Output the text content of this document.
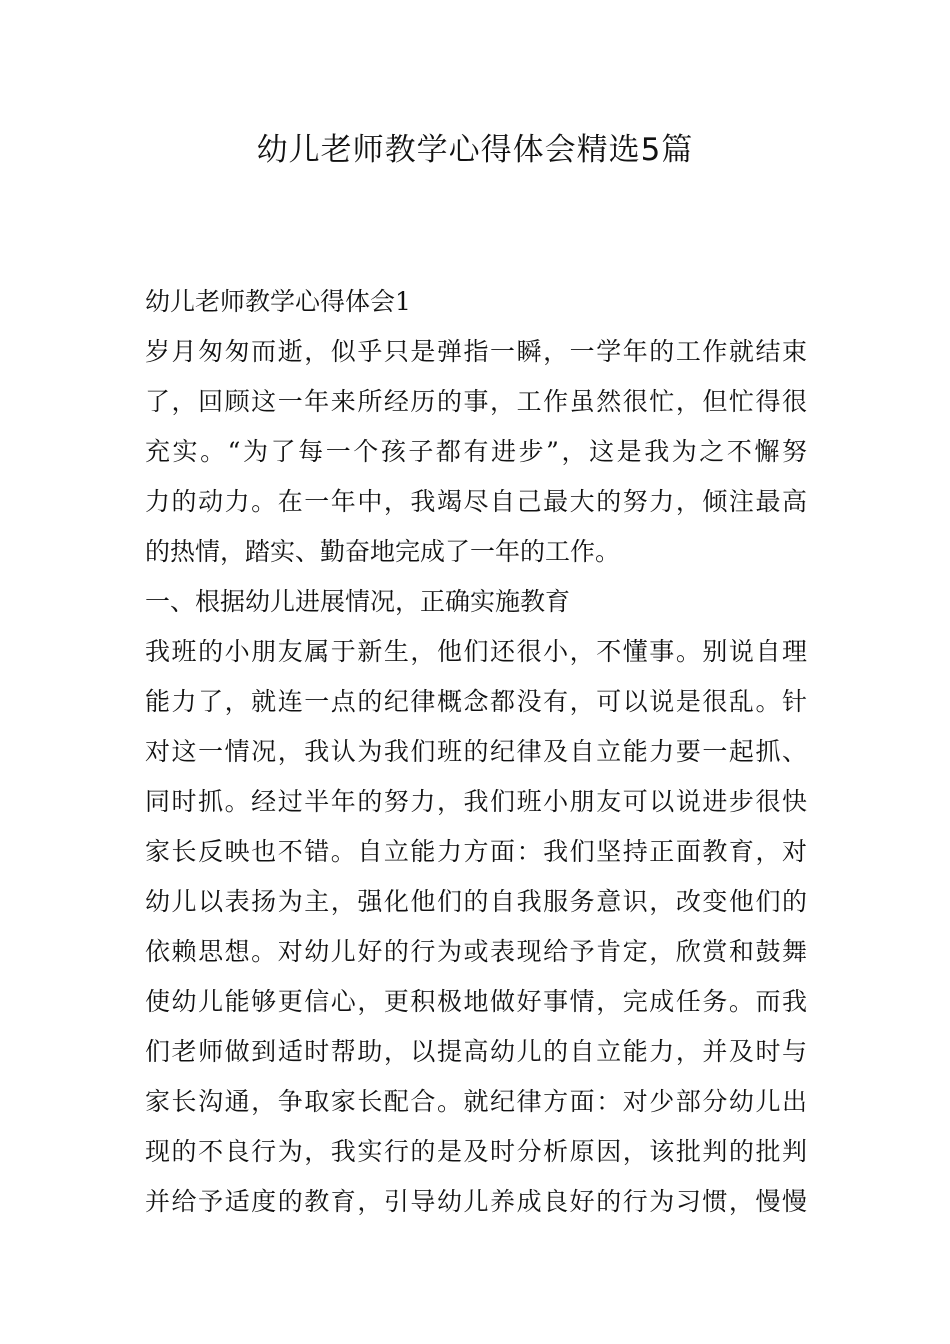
幼儿老师教学心得体会精选5篇
幼儿老师教学心得体会1
岁月匆匆而逝，似乎只是弹指一瞬，一学年的工作就结束
了，回顾这一年来所经历的事，工作虽然很忙，但忙得很
充实。“为了每一个孩子都有进步”，这是我为之不懈努
力的动力。在一年中，我竭尽自己最大的努力，倾注最高
的热情，踏实、勤奋地完成了一年的工作。
一、根据幼儿进展情况，正确实施教育
我班的小朋友属于新生，他们还很小，不懂事。别说自理
能力了，就连一点的纪律概念都没有，可以说是很乱。针
对这一情况，我认为我们班的纪律及自立能力要一起抓、
同时抓。经过半年的努力，我们班小朋友可以说进步很快
家长反映也不错。自立能力方面：我们坚持正面教育，对
幼儿以表扬为主，强化他们的自我服务意识，改变他们的
依赖思想。对幼儿好的行为或表现给予肯定，欣赏和鼓舞
使幼儿能够更信心，更积极地做好事情，完成任务。而我
们老师做到适时帮助，以提高幼儿的自立能力，并及时与
家长沟通，争取家长配合。就纪律方面：对少部分幼儿出
现的不良行为，我实行的是及时分析原因，该批判的批判
并给予适度的教育，引导幼儿养成良好的行为习惯，慢慢
